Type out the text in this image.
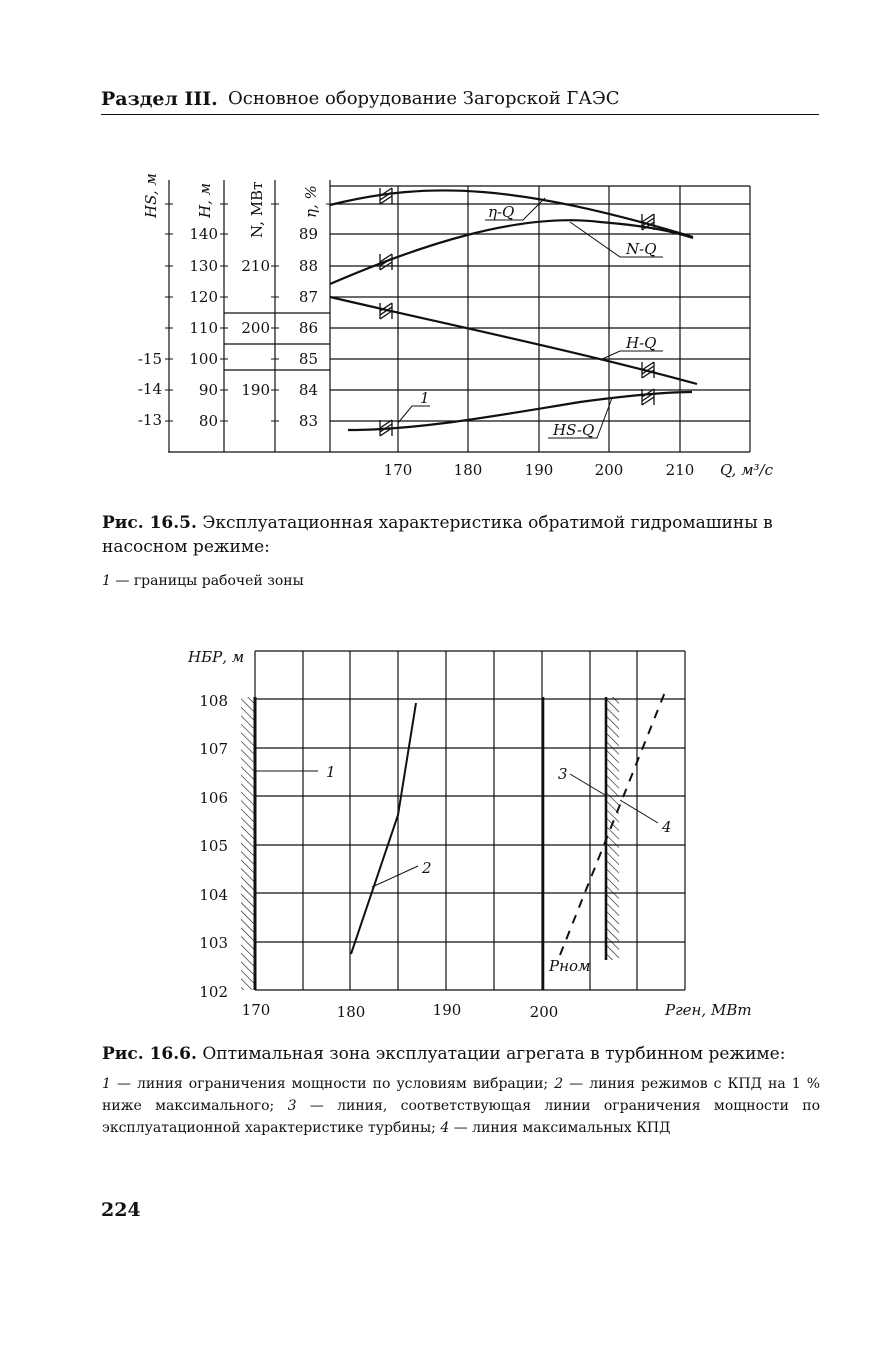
Раздел III. Основное оборудование Загорской ГАЭС
HS, м H, м N, МВт η, %
-15
-14
-13
140
130
120
110
100
90
80
210
200
190
89
88
87
86
85
84
83
170	180	190	200	210 Q, м³/с
η-Q
N-Q
H-Q
HS-Q
1
Рис. 16.5. Эксплуатационная характеристика обратимой гидромашины в насосном режиме:
1 — границы рабочей зоны
HБР, м
108
107
106
105
104
103
102
170	180	190	200	Pген, МВт
1
2
3
4
Pном
Рис. 16.6. Оптимальная зона эксплуатации агрегата в турбинном режиме:
1 — линия ограничения мощности по условиям вибрации; 2 — линия режимов с КПД на 1 % ниже максимального; 3 — линия, соответствующая линии ограничения мощности по эксплуатационной характеристике турбины; 4 — линия максимальных КПД
224
